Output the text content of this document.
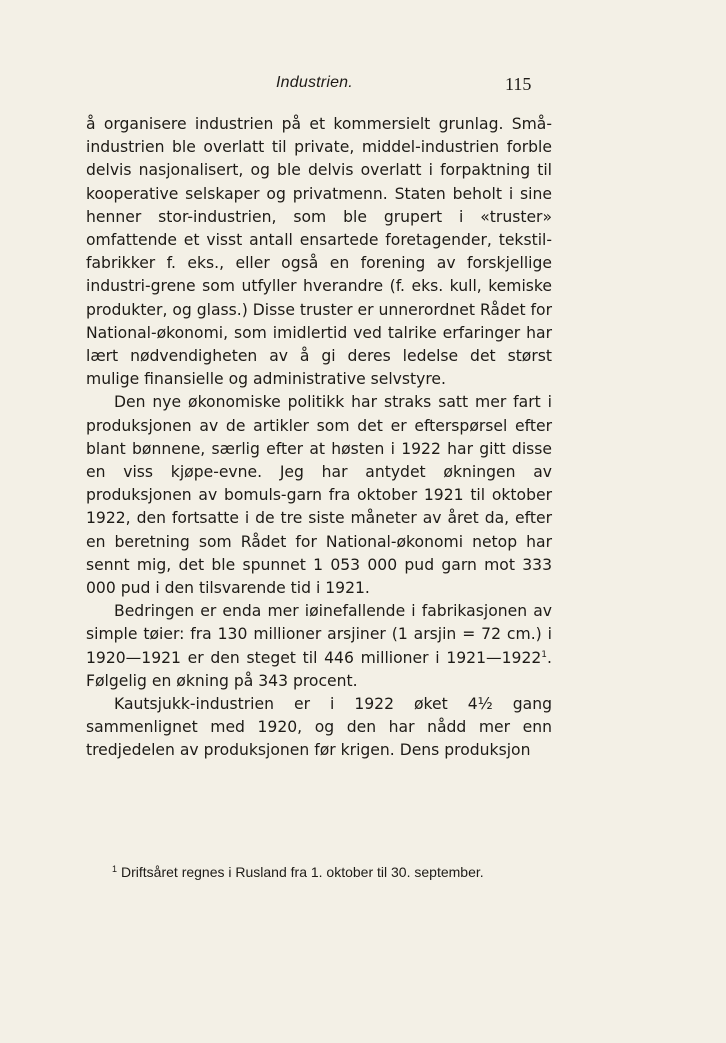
Industrien.	115

å organisere industrien på et kommersielt grunlag. Små-industrien ble overlatt til private, middel-industrien forble delvis nasjonalisert, og ble delvis overlatt i forpaktning til kooperative selskaper og privatmenn. Staten beholt i sine henner stor-industrien, som ble grupert i «truster» omfattende et visst antall ensartede foretagender, tekstil-fabrikker f. eks., eller også en forening av forskjellige industri-grene som utfyller hverandre (f. eks. kull, kemiske produkter, og glass.) Disse truster er unnerordnet Rådet for National-økonomi, som imidlertid ved talrike erfaringer har lært nødvendigheten av å gi deres ledelse det størst mulige finansielle og administrative selvstyre.

Den nye økonomiske politikk har straks satt mer fart i produksjonen av de artikler som det er efterspørsel efter blant bønnene, særlig efter at høsten i 1922 har gitt disse en viss kjøpe-evne. Jeg har antydet økningen av produksjonen av bomuls-garn fra oktober 1921 til oktober 1922, den fortsatte i de tre siste måneter av året da, efter en beretning som Rådet for National-økonomi netop har sennt mig, det ble spunnet 1 053 000 pud garn mot 333 000 pud i den tilsvarende tid i 1921.

Bedringen er enda mer iøinefallende i fabrikasjonen av simple tøier: fra 130 millioner arsjiner (1 arsjin = 72 cm.) i 1920—1921 er den steget til 446 millioner i 1921—1922$^1$. Følgelig en økning på 343 procent.

Kautsjukk-industrien er i 1922 øket 4½ gang sammenlignet med 1920, og den har nådd mer enn tredjedelen av produksjonen før krigen. Dens produksjon

$^1$ Driftsåret regnes i Rusland fra 1. oktober til 30. september.
